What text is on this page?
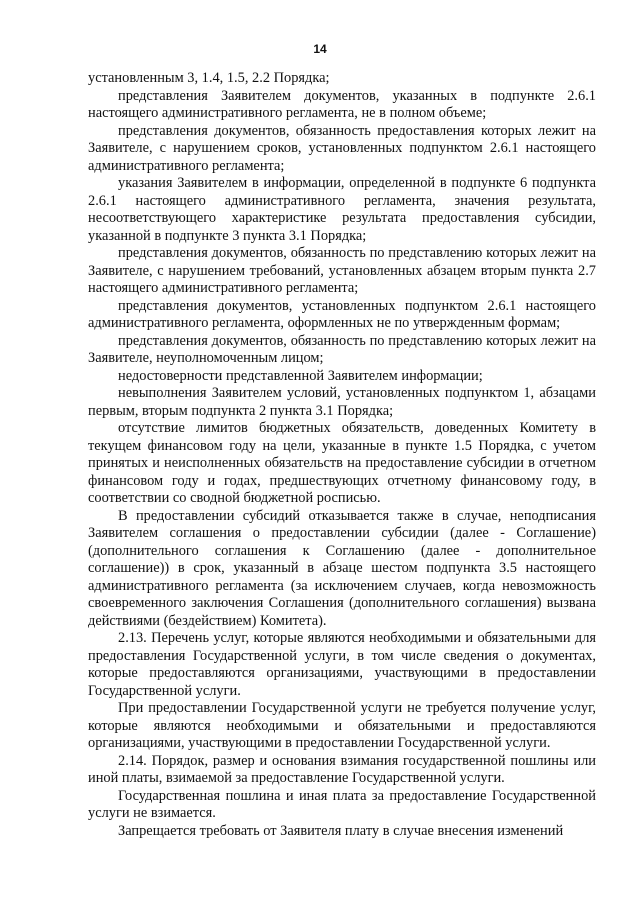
14

установленным 3, 1.4, 1.5, 2.2 Порядка;

представления Заявителем документов, указанных в подпункте 2.6.1 настоящего административного регламента, не в полном объеме;

представления документов, обязанность предоставления которых лежит на Заявителе, с нарушением сроков, установленных подпунктом 2.6.1 настоящего административного регламента;

указания Заявителем в информации, определенной в подпункте 6 подпункта 2.6.1 настоящего административного регламента, значения результата, несоответствующего характеристике результата предоставления субсидии, указанной в подпункте 3 пункта 3.1 Порядка;

представления документов, обязанность по представлению которых лежит на Заявителе, с нарушением требований, установленных абзацем вторым пункта 2.7 настоящего административного регламента;

представления документов, установленных подпунктом 2.6.1 настоящего административного регламента, оформленных не по утвержденным формам;

представления документов, обязанность по представлению которых лежит на Заявителе, неуполномоченным лицом;

недостоверности представленной Заявителем информации;

невыполнения Заявителем условий, установленных подпунктом 1, абзацами первым, вторым подпункта 2 пункта 3.1 Порядка;

отсутствие лимитов бюджетных обязательств, доведенных Комитету в текущем финансовом году на цели, указанные в пункте 1.5 Порядка, с учетом принятых и неисполненных обязательств на предоставление субсидии в отчетном финансовом году и годах, предшествующих отчетному финансовому году, в соответствии со сводной бюджетной росписью.

В предоставлении субсидий отказывается также в случае, неподписания Заявителем соглашения о предоставлении субсидии (далее - Соглашение) (дополнительного соглашения к Соглашению (далее - дополнительное соглашение)) в срок, указанный в абзаце шестом подпункта 3.5 настоящего административного регламента (за исключением случаев, когда невозможность своевременного заключения Соглашения (дополнительного соглашения) вызвана действиями (бездействием) Комитета).

2.13. Перечень услуг, которые являются необходимыми и обязательными для предоставления Государственной услуги, в том числе сведения о документах, которые предоставляются организациями, участвующими в предоставлении Государственной услуги.

При предоставлении Государственной услуги не требуется получение услуг, которые являются необходимыми и обязательными и предоставляются организациями, участвующими в предоставлении Государственной услуги.

2.14. Порядок, размер и основания взимания государственной пошлины или иной платы, взимаемой за предоставление Государственной услуги.

Государственная пошлина и иная плата за предоставление Государственной услуги не взимается.

Запрещается требовать от Заявителя плату в случае внесения изменений
